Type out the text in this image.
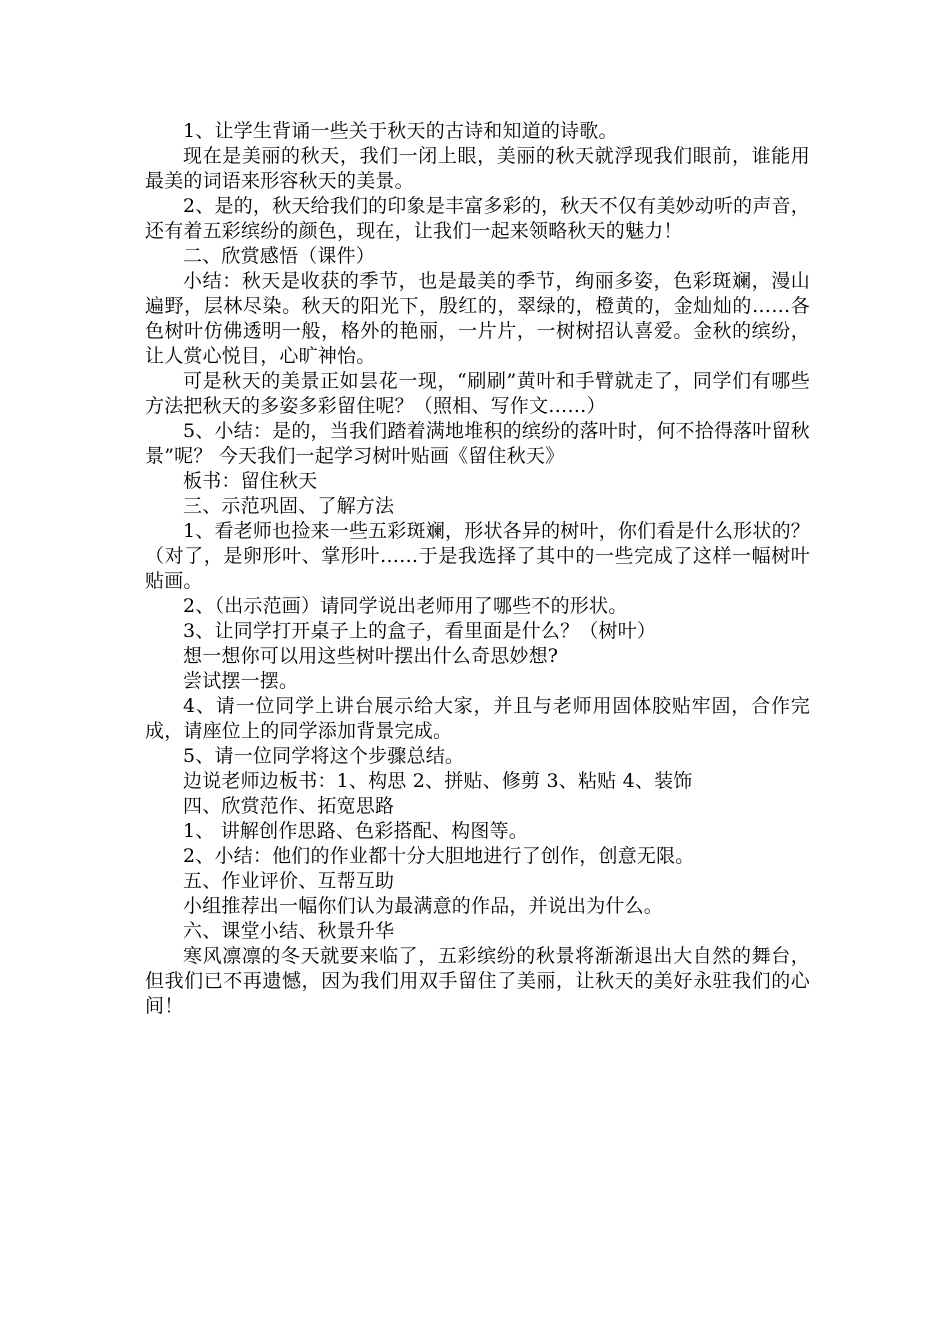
1、让学生背诵一些关于秋天的古诗和知道的诗歌。

现在是美丽的秋天，我们一闭上眼，美丽的秋天就浮现我们眼前，谁能用最美的词语来形容秋天的美景。

2、是的，秋天给我们的印象是丰富多彩的，秋天不仅有美妙动听的声音，还有着五彩缤纷的颜色，现在，让我们一起来领略秋天的魅力！

二、欣赏感悟（课件）

小结：秋天是收获的季节，也是最美的季节，绚丽多姿，色彩斑斓，漫山遍野，层林尽染。秋天的阳光下，殷红的，翠绿的，橙黄的，金灿灿的……各色树叶仿佛透明一般，格外的艳丽，一片片，一树树招认喜爱。金秋的缤纷，让人赏心悦目，心旷神怡。

可是秋天的美景正如昙花一现，“刷刷”黄叶和手臂就走了，同学们有哪些方法把秋天的多姿多彩留住呢？（照相、写作文……）

5、小结：是的，当我们踏着满地堆积的缤纷的落叶时，何不拾得落叶留秋景”呢？ 今天我们一起学习树叶贴画《留住秋天》

板书：留住秋天

三、示范巩固、了解方法

1、看老师也捡来一些五彩斑斓，形状各异的树叶，你们看是什么形状的？（对了，是卵形叶、掌形叶……于是我选择了其中的一些完成了这样一幅树叶贴画。

2、（出示范画）请同学说出老师用了哪些不的形状。

3、让同学打开桌子上的盒子，看里面是什么？（树叶）

想一想你可以用这些树叶摆出什么奇思妙想?

尝试摆一摆。

4、请一位同学上讲台展示给大家，并且与老师用固体胶贴牢固，合作完成，请座位上的同学添加背景完成。

5、请一位同学将这个步骤总结。

边说老师边板书：1、构思 2、拼贴、修剪 3、粘贴 4、装饰

四、欣赏范作、拓宽思路

1、 讲解创作思路、色彩搭配、构图等。

2、小结：他们的作业都十分大胆地进行了创作，创意无限。

五、作业评价、互帮互助

小组推荐出一幅你们认为最满意的作品，并说出为什么。

六、课堂小结、秋景升华

寒风凛凛的冬天就要来临了，五彩缤纷的秋景将渐渐退出大自然的舞台，但我们已不再遗憾，因为我们用双手留住了美丽，让秋天的美好永驻我们的心间！
